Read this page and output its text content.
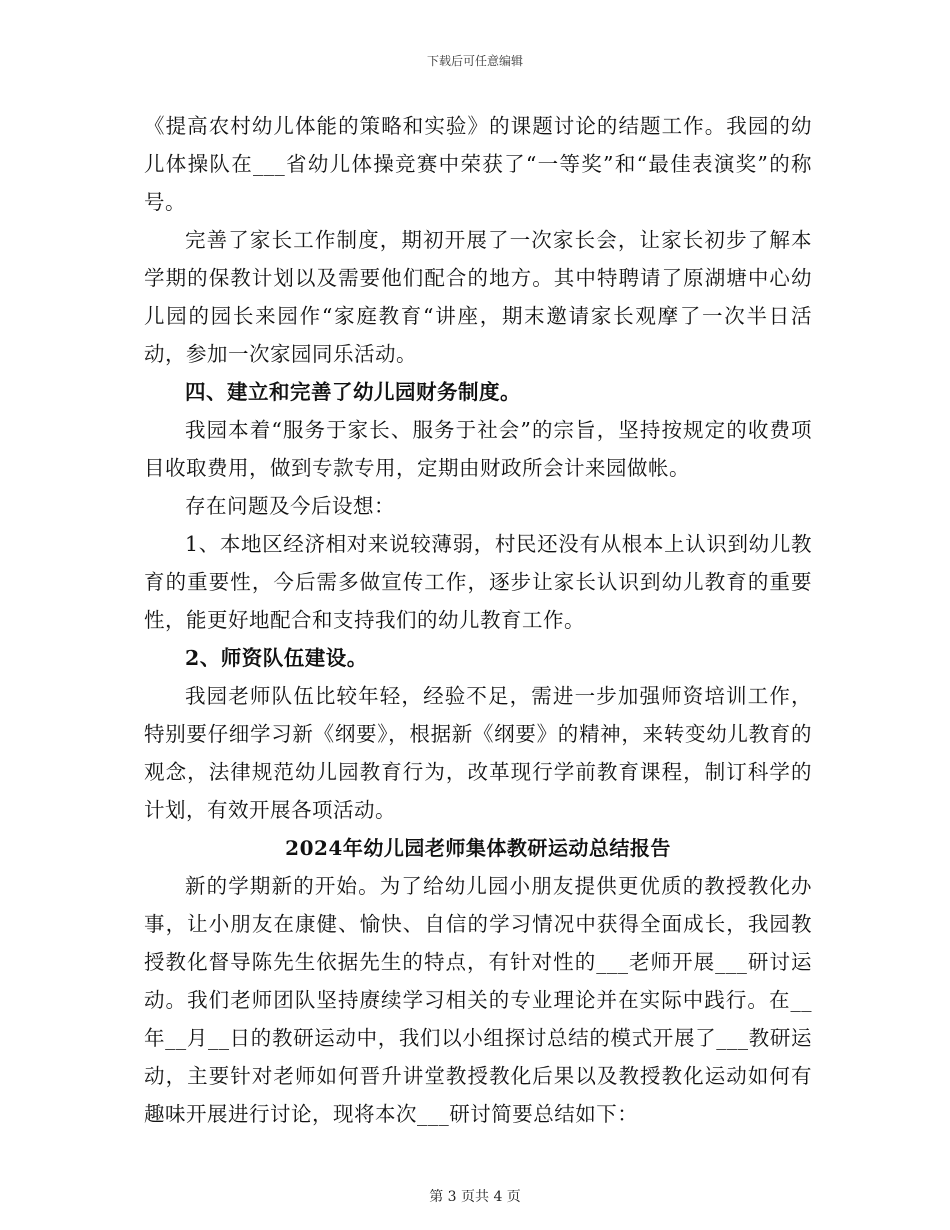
下载后可任意编辑

《提高农村幼儿体能的策略和实验》的课题讨论的结题工作。我园的幼儿体操队在___省幼儿体操竞赛中荣获了“一等奖”和“最佳表演奖”的称号。

完善了家长工作制度，期初开展了一次家长会，让家长初步了解本学期的保教计划以及需要他们配合的地方。其中特聘请了原湖塘中心幼儿园的园长来园作“家庭教育“讲座，期末邀请家长观摩了一次半日活动，参加一次家园同乐活动。

四、建立和完善了幼儿园财务制度。

我园本着“服务于家长、服务于社会”的宗旨，坚持按规定的收费项目收取费用，做到专款专用，定期由财政所会计来园做帐。

存在问题及今后设想：

1、本地区经济相对来说较薄弱，村民还没有从根本上认识到幼儿教育的重要性，今后需多做宣传工作，逐步让家长认识到幼儿教育的重要性，能更好地配合和支持我们的幼儿教育工作。

2、师资队伍建设。

我园老师队伍比较年轻，经验不足，需进一步加强师资培训工作，特别要仔细学习新《纲要》，根据新《纲要》的精神，来转变幼儿教育的观念，法律规范幼儿园教育行为，改革现行学前教育课程，制订科学的计划，有效开展各项活动。

2024年幼儿园老师集体教研运动总结报告

新的学期新的开始。为了给幼儿园小朋友提供更优质的教授教化办事，让小朋友在康健、愉快、自信的学习情况中获得全面成长，我园教授教化督导陈先生依据先生的特点，有针对性的___老师开展___研讨运动。我们老师团队坚持赓续学习相关的专业理论并在实际中践行。在__年__月__日的教研运动中，我们以小组探讨总结的模式开展了___教研运动，主要针对老师如何晋升讲堂教授教化后果以及教授教化运动如何有趣味开展进行讨论，现将本次___研讨简要总结如下：

第 3 页共 4 页
